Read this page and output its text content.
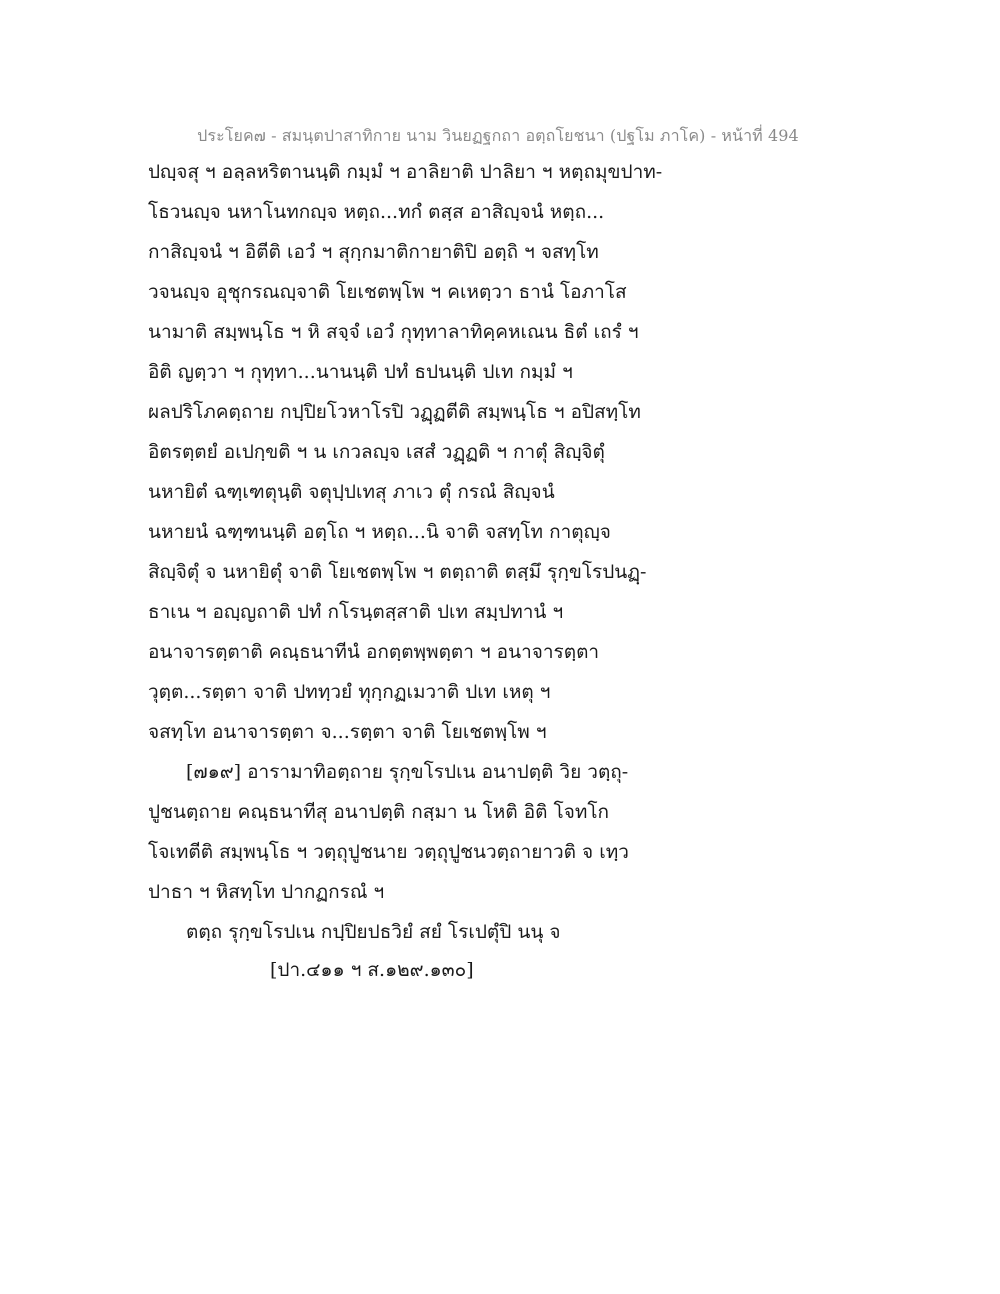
ประโยค๗ - สมนฺตปาสาทิกาย นาม วินยฏฐกถา อตฺถโยชนา (ปฐโม ภาโค) - หน้าที่ 494
ปญฺจสุ ฯ อลฺลหริตานนฺติ กมฺมํ ฯ อาลิยาติ ปาลิยา ฯ หตฺถมุขปาท-
โธวนญฺจ นหาโนทกญฺจ หตฺถ...ทกํ ตสฺส อาสิญฺจนํ หตฺถ...
กาสิญฺจนํ ฯ อิตีติ เอวํ ฯ สุกฺกมาติกายาติปิ อตฺถิ ฯ จสทฺโท
วจนญฺจ อุชุกรณญฺจาติ โยเชตพฺโพ ฯ คเหตฺวา ธานํ โอภาโส
นามาติ สมฺพนฺโธ ฯ หิ สจฺจํ เอวํ กุทฺทาลาทิคฺคหเณน ธิตํ เถรํ ฯ
อิติ ญตฺวา ฯ กุทฺทา...นานนฺติ ปทํ ธปนนฺติ ปเท กมฺมํ ฯ
ผลปริโภคตฺถาย กปฺปิยโวหาโรปิ วฏฺฏตีติ สมฺพนฺโธ ฯ อปิสทฺโท
อิตรตฺตยํ อเปกฺขติ ฯ น เกวลญฺจ เสสํ วฏฺฏติ ฯ กาตุํ สิญฺจิตุํ
นหายิตํ ฉฑฺเฑตุนฺติ จตุปฺปเทสุ ภาเว ตุํ กรณํ สิญฺจนํ
นหายนํ ฉฑฺฑนนฺติ อตฺโถ ฯ หตฺถ...นิ จาติ จสทฺโท กาตุญฺจ
สิญฺจิตุํ จ นหายิตุํ จาติ โยเชตพฺโพ ฯ ตตฺถาติ ตสฺมึ รุกฺขโรปนฏฺ-
ธาเน ฯ อญฺญถาติ ปทํ กโรนฺตสฺสาติ ปเท สมฺปทานํ ฯ
อนาจารตฺตาติ คณฺธนาทีนํ อกตฺตพฺพตฺตา ฯ อนาจารตฺตา
วุตฺต...รตฺตา จาติ ปททฺวยํ ทุกฺกฏเมวาติ ปเท เหตุ ฯ
จสทฺโท อนาจารตฺตา จ...รตฺตา จาติ โยเชตพฺโพ ฯ
[๗๑๙] อารามาทิอตฺถาย รุกฺขโรปเน อนาปตฺติ วิย วตฺถุ-
ปูชนตฺถาย คณฺธนาทีสุ อนาปตฺติ กสฺมา น โหติ อิติ โจทโก
โจเทตีติ สมฺพนฺโธ ฯ วตฺถุปูชนาย วตฺถุปูชนวตฺถายาวติ จ เทฺว
ปาธา ฯ หิสทฺโท ปากฏกรณํ ฯ
ตตฺถ รุกฺขโรปเน กปฺปิยปธวิยํ สยํ โรเปตุํปิ นนุ จ
[ปา.๔๑๑ ฯ ส.๑๒๙.๑๓๐]
